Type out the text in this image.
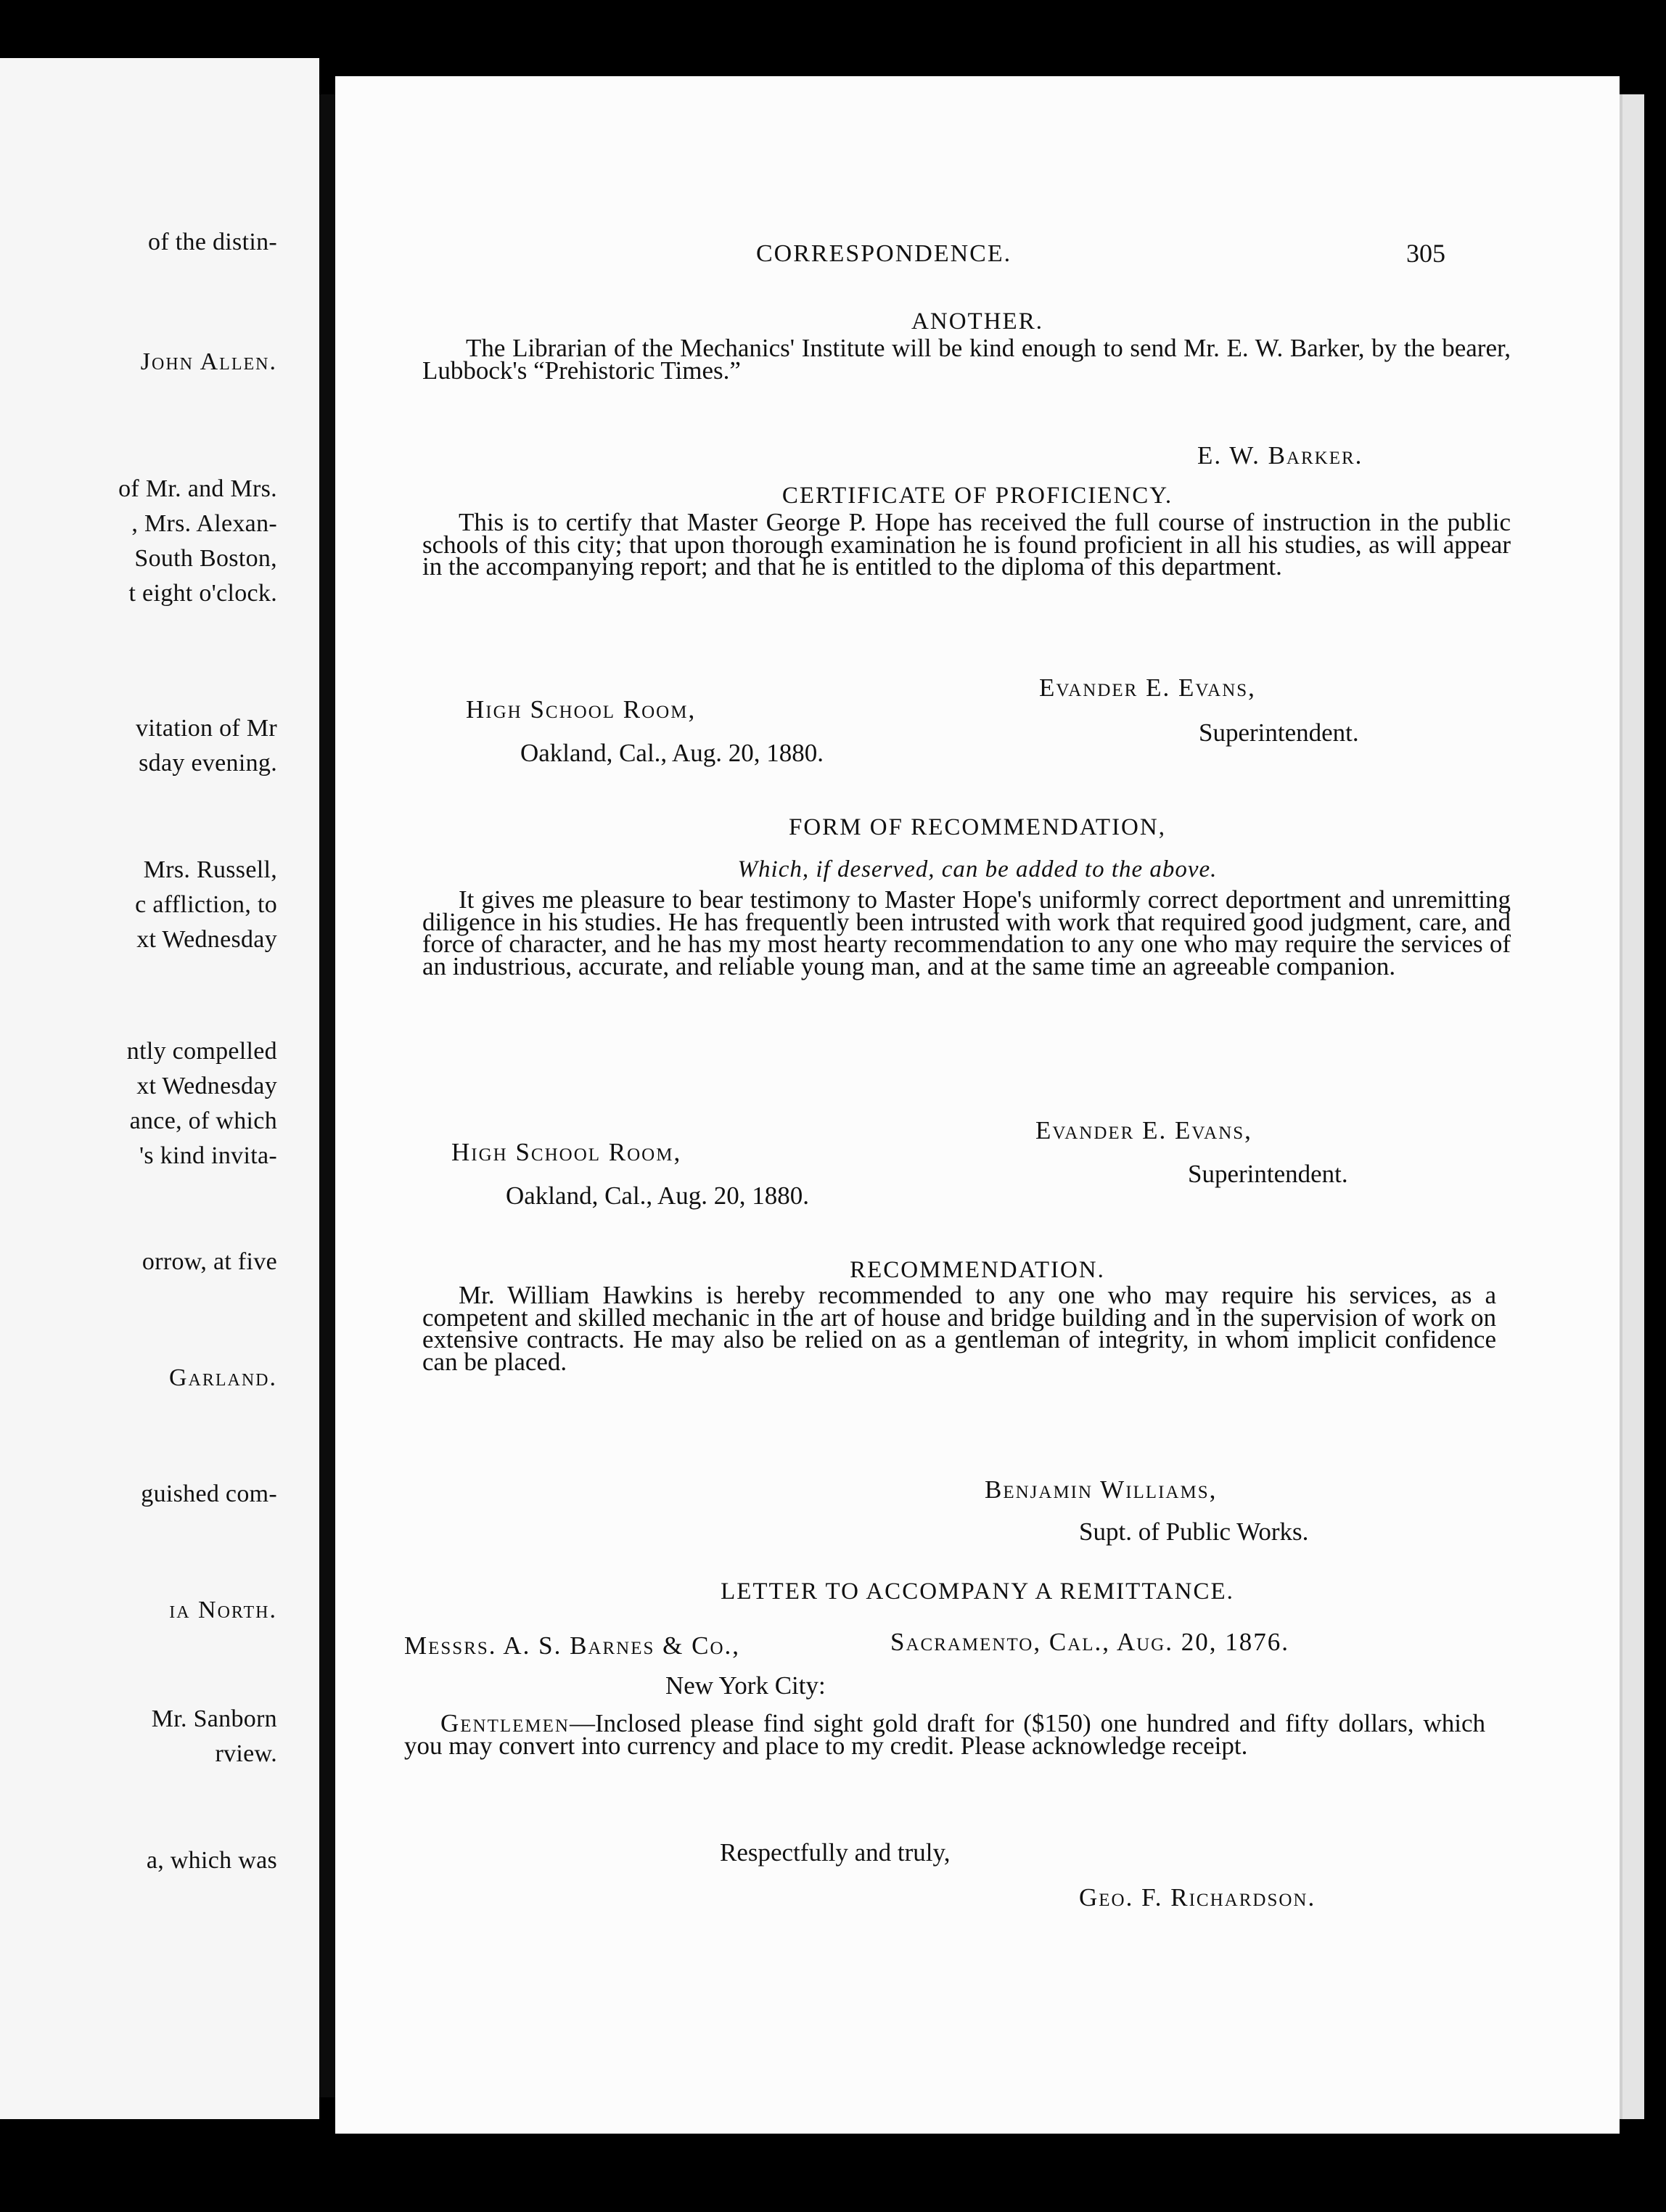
of the distin-
John Allen.
of Mr. and Mrs.
, Mrs. Alexan-
South Boston,
t eight o'clock.
vitation of Mr
sday evening.
Mrs. Russell,
c affliction, to
xt Wednesday
ntly compelled
xt Wednesday
ance, of which
's kind invita-
orrow, at five
Garland.
guished com-
ia North.
Mr. Sanborn
rview.
a, which was
CORRESPONDENCE.	305
ANOTHER.
The Librarian of the Mechanics' Institute will be kind enough to send Mr. E. W. Barker, by the bearer, Lubbock's “Prehistoric Times.”
E. W. Barker.
CERTIFICATE OF PROFICIENCY.
This is to certify that Master George P. Hope has received the full course of instruction in the public schools of this city; that upon thorough examination he is found proficient in all his studies, as will appear in the accompanying report; and that he is entitled to the diploma of this department.
Evander E. Evans,
Superintendent.
High School Room,
Oakland, Cal., Aug. 20, 1880.
FORM OF RECOMMENDATION,
Which, if deserved, can be added to the above.
It gives me pleasure to bear testimony to Master Hope's uniformly correct deportment and unremitting diligence in his studies. He has frequently been intrusted with work that required good judgment, care, and force of character, and he has my most hearty recommendation to any one who may require the services of an industrious, accurate, and reliable young man, and at the same time an agreeable companion.
Evander E. Evans,
Superintendent.
High School Room,
Oakland, Cal., Aug. 20, 1880.
RECOMMENDATION.
Mr. William Hawkins is hereby recommended to any one who may require his services, as a competent and skilled mechanic in the art of house and bridge building and in the supervision of work on extensive contracts. He may also be relied on as a gentleman of integrity, in whom implicit confidence can be placed.
Benjamin Williams,
Supt. of Public Works.
LETTER TO ACCOMPANY A REMITTANCE.
Sacramento, Cal., Aug. 20, 1876.
Messrs. A. S. Barnes & Co.,
New York City:
Gentlemen—Inclosed please find sight gold draft for ($150) one hundred and fifty dollars, which you may convert into currency and place to my credit. Please acknowledge receipt.
Respectfully and truly,
Geo. F. Richardson.
